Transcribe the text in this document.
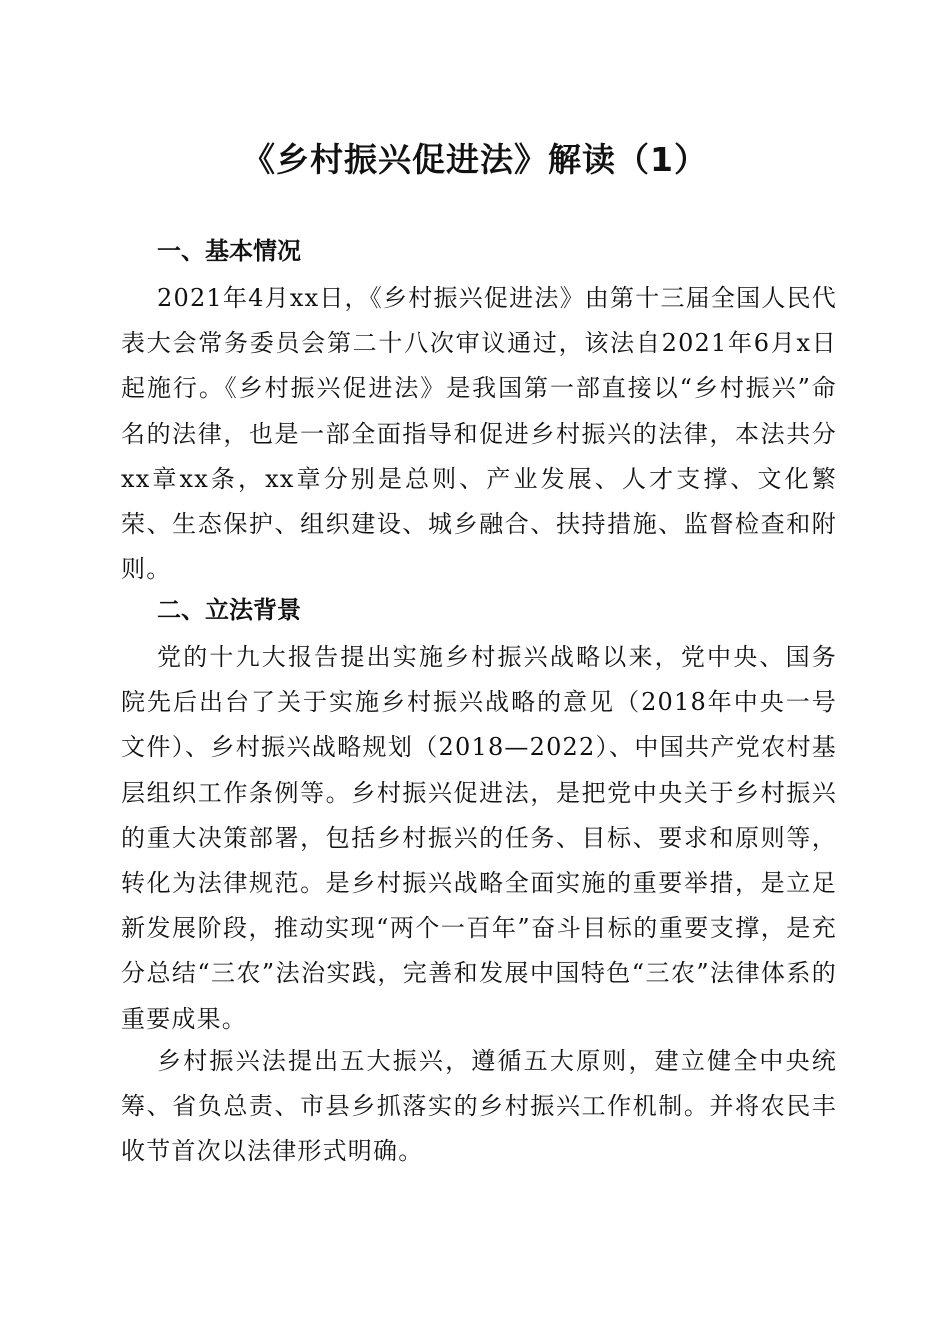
《乡村振兴促进法》解读（1）
一、基本情况

2021年4月xx日，《乡村振兴促进法》由第十三届全国人民代表大会常务委员会第二十八次审议通过，该法自2021年6月x日起施行。《乡村振兴促进法》是我国第一部直接以“乡村振兴”命名的法律，也是一部全面指导和促进乡村振兴的法律，本法共分xx章xx条，xx章分别是总则、产业发展、人才支撑、文化繁荣、生态保护、组织建设、城乡融合、扶持措施、监督检查和附则。

二、立法背景

党的十九大报告提出实施乡村振兴战略以来，党中央、国务院先后出台了关于实施乡村振兴战略的意见（2018年中央一号文件）、乡村振兴战略规划（2018—2022）、中国共产党农村基层组织工作条例等。乡村振兴促进法，是把党中央关于乡村振兴的重大决策部署，包括乡村振兴的任务、目标、要求和原则等，转化为法律规范。是乡村振兴战略全面实施的重要举措，是立足新发展阶段，推动实现“两个一百年”奋斗目标的重要支撑，是充分总结“三农”法治实践，完善和发展中国特色“三农”法律体系的重要成果。

乡村振兴法提出五大振兴，遵循五大原则，建立健全中央统筹、省负总责、市县乡抓落实的乡村振兴工作机制。并将农民丰收节首次以法律形式明确。
